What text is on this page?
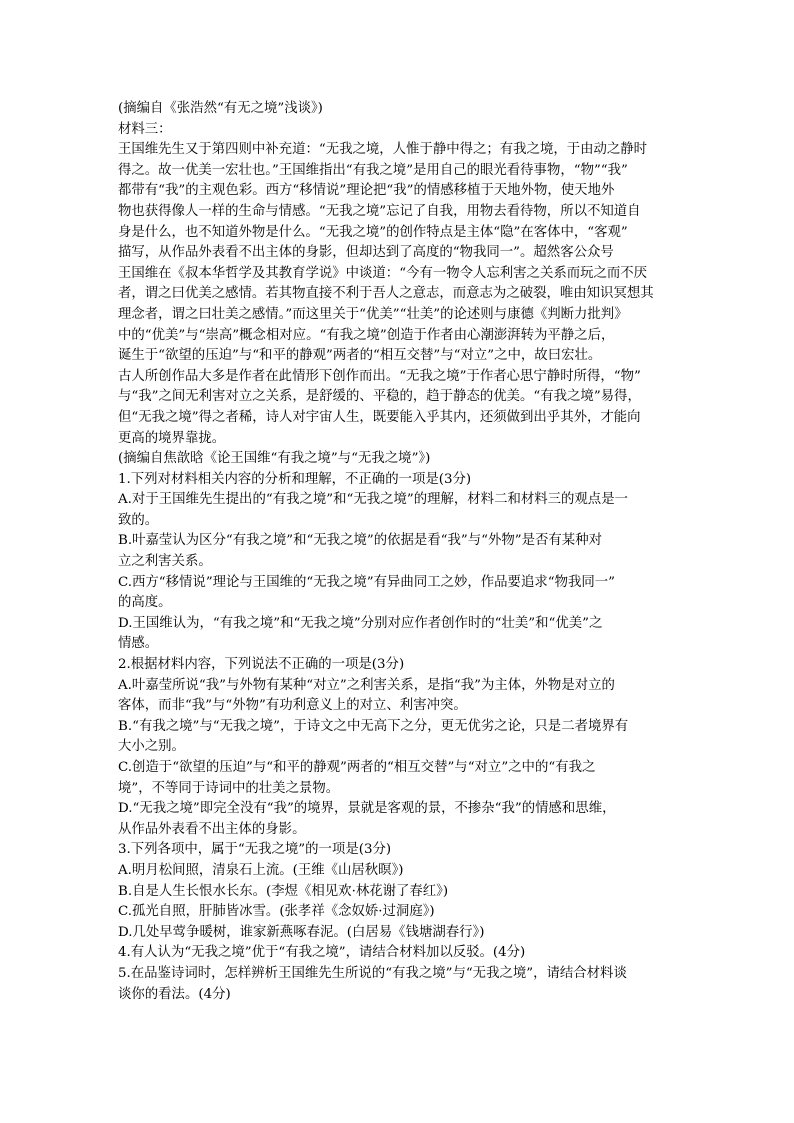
(摘编自《张浩然“有无之境”浅谈》)
材料三：
王国维先生又于第四则中补充道：“无我之境，人惟于静中得之；有我之境，于由动之静时
得之。故一优美一宏壮也。”王国维指出“有我之境”是用自己的眼光看待事物，“物”“我”
都带有“我”的主观色彩。西方“移情说”理论把“我”的情感移植于天地外物，使天地外
物也获得像人一样的生命与情感。“无我之境”忘记了自我，用物去看待物，所以不知道自
身是什么，也不知道外物是什么。“无我之境”的创作特点是主体“隐”在客体中，“客观”
描写，从作品外表看不出主体的身影，但却达到了高度的“物我同一”。超然客公众号
王国维在《叔本华哲学及其教育学说》中谈道：“今有一物令人忘利害之关系而玩之而不厌
者，谓之曰优美之感情。若其物直接不利于吾人之意志，而意志为之破裂，唯由知识冥想其
理念者，谓之曰壮美之感情。”而这里关于“优美”“壮美”的论述则与康德《判断力批判》
中的“优美”与“崇高”概念相对应。“有我之境”创造于作者由心潮澎湃转为平静之后，
诞生于“欲望的压迫”与“和平的静观”两者的“相互交替”与“对立”之中，故曰宏壮。
古人所创作品大多是作者在此情形下创作而出。“无我之境”于作者心思宁静时所得，“物”
与“我”之间无利害对立之关系，是舒缓的、平稳的，趋于静态的优美。“有我之境”易得，
但“无我之境”得之者稀，诗人对宇宙人生，既要能入乎其内，还须做到出乎其外，才能向
更高的境界靠拢。
(摘编自焦歆晗《论王国维“有我之境”与“无我之境”》)
1.下列对材料相关内容的分析和理解，不正确的一项是(3分)
A.对于王国维先生提出的“有我之境”和“无我之境”的理解，材料二和材料三的观点是一
致的。
B.叶嘉莹认为区分“有我之境”和“无我之境”的依据是看“我”与“外物”是否有某种对
立之利害关系。
C.西方“移情说”理论与王国维的“无我之境”有异曲同工之妙，作品要追求“物我同一”
的高度。
D.王国维认为，“有我之境”和“无我之境”分别对应作者创作时的“壮美”和“优美”之
情感。
2.根据材料内容，下列说法不正确的一项是(3分)
A.叶嘉莹所说“我”与外物有某种“对立”之利害关系，是指“我”为主体，外物是对立的
客体，而非“我”与“外物”有功利意义上的对立、利害冲突。
B.“有我之境”与“无我之境”，于诗文之中无高下之分，更无优劣之论，只是二者境界有
大小之别。
C.创造于“欲望的压迫”与“和平的静观”两者的“相互交替”与“对立”之中的“有我之
境”，不等同于诗词中的壮美之景物。
D.“无我之境”即完全没有“我”的境界，景就是客观的景，不掺杂“我”的情感和思维，
从作品外表看不出主体的身影。
3.下列各项中，属于“无我之境”的一项是(3分)
A.明月松间照，清泉石上流。(王维《山居秋暝》)
B.自是人生长恨水长东。(李煜《相见欢·林花谢了春红》)
C.孤光自照，肝肺皆冰雪。(张孝祥《念奴娇·过洞庭》)
D.几处早莺争暖树，谁家新燕啄春泥。(白居易《钱塘湖春行》)
4.有人认为“无我之境”优于“有我之境”，请结合材料加以反驳。(4分)
5.在品鉴诗词时，怎样辨析王国维先生所说的“有我之境”与“无我之境”，请结合材料谈
谈你的看法。(4分)
